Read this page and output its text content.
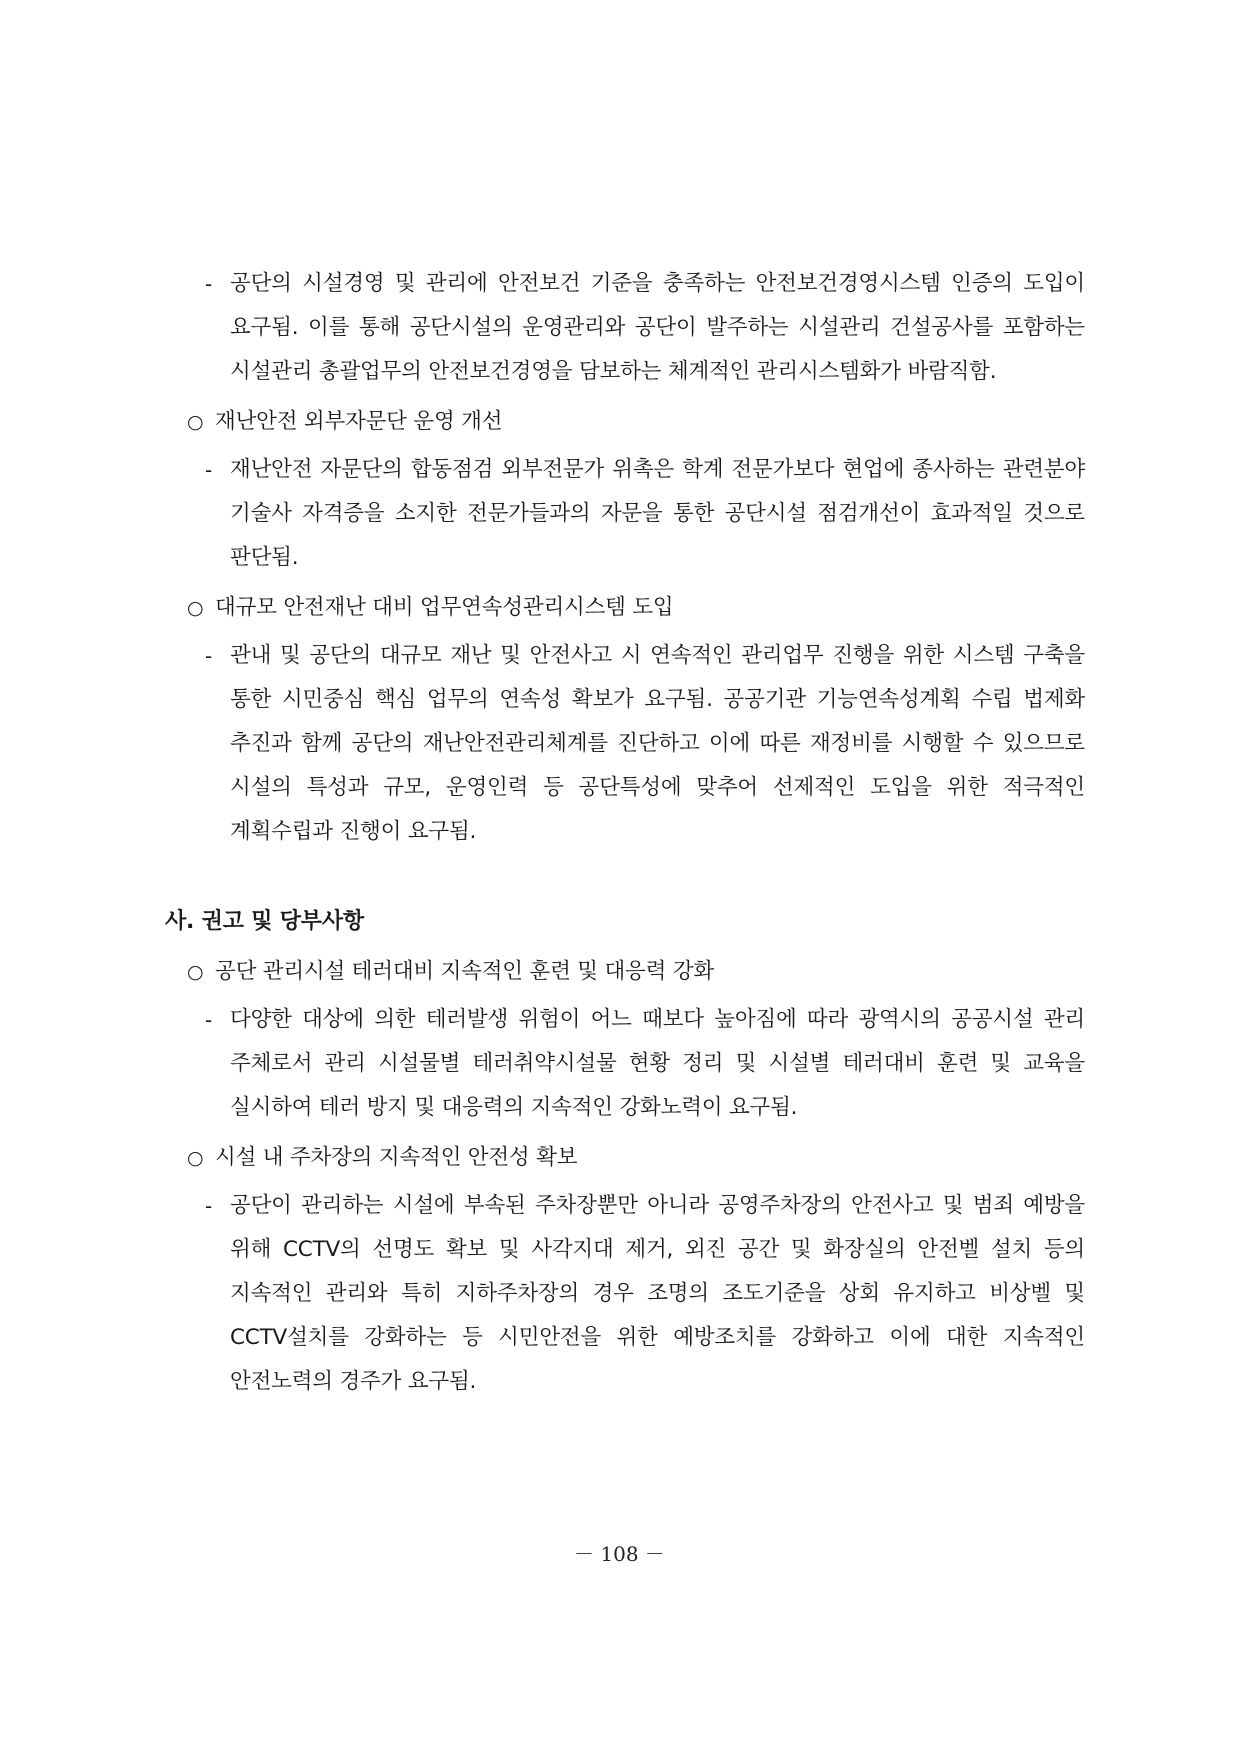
- 공단의 시설경영 및 관리에 안전보건 기준을 충족하는 안전보건경영시스템 인증의 도입이 요구됨. 이를 통해 공단시설의 운영관리와 공단이 발주하는 시설관리 건설공사를 포함하는 시설관리 총괄업무의 안전보건경영을 담보하는 체계적인 관리시스템화가 바람직함.
○ 재난안전 외부자문단 운영 개선
- 재난안전 자문단의 합동점검 외부전문가 위촉은 학계 전문가보다 현업에 종사하는 관련분야 기술사 자격증을 소지한 전문가들과의 자문을 통한 공단시설 점검개선이 효과적일 것으로 판단됨.
○ 대규모 안전재난 대비 업무연속성관리시스템 도입
- 관내 및 공단의 대규모 재난 및 안전사고 시 연속적인 관리업무 진행을 위한 시스템 구축을 통한 시민중심 핵심 업무의 연속성 확보가 요구됨. 공공기관 기능연속성계획 수립 법제화 추진과 함께 공단의 재난안전관리체계를 진단하고 이에 따른 재정비를 시행할 수 있으므로 시설의 특성과 규모, 운영인력 등 공단특성에 맞추어 선제적인 도입을 위한 적극적인 계획수립과 진행이 요구됨.
사. 권고 및 당부사항
○ 공단 관리시설 테러대비 지속적인 훈련 및 대응력 강화
- 다양한 대상에 의한 테러발생 위험이 어느 때보다 높아짐에 따라 광역시의 공공시설 관리 주체로서 관리 시설물별 테러취약시설물 현황 정리 및 시설별 테러대비 훈련 및 교육을 실시하여 테러 방지 및 대응력의 지속적인 강화노력이 요구됨.
○ 시설 내 주차장의 지속적인 안전성 확보
- 공단이 관리하는 시설에 부속된 주차장뿐만 아니라 공영주차장의 안전사고 및 범죄 예방을 위해 CCTV의 선명도 확보 및 사각지대 제거, 외진 공간 및 화장실의 안전벨 설치 등의 지속적인 관리와 특히 지하주차장의 경우 조명의 조도기준을 상회 유지하고 비상벨 및 CCTV설치를 강화하는 등 시민안전을 위한 예방조치를 강화하고 이에 대한 지속적인 안전노력의 경주가 요구됨.
－ 108 －
